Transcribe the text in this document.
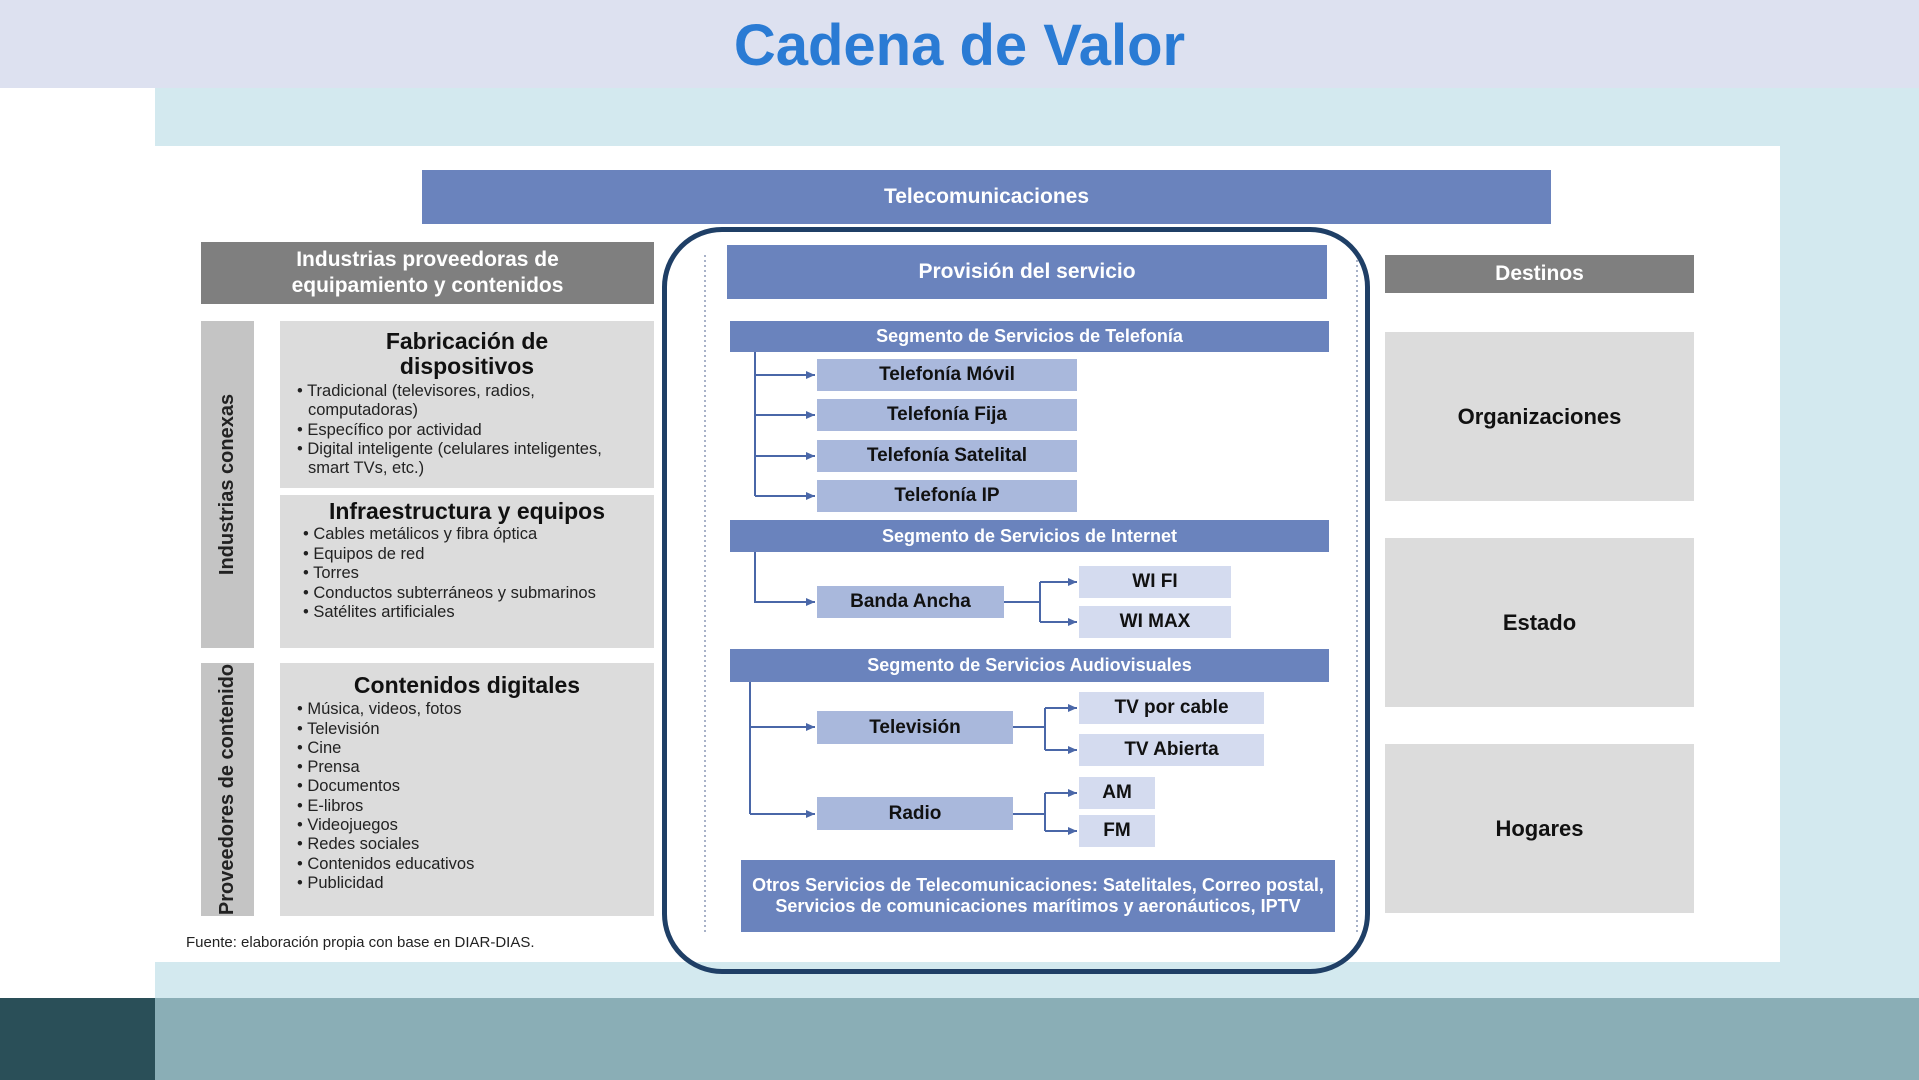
Cadena de Valor
Telecomunicaciones
Industrias proveedoras de equipamiento y contenidos
Industrias conexas
Proveedores de contenido
Fabricación de dispositivos
• Tradicional (televisores, radios, computadoras)
• Específico por actividad
• Digital inteligente (celulares inteligentes, smart TVs, etc.)
Infraestructura y equipos
• Cables metálicos y fibra óptica
• Equipos de red
• Torres
• Conductos subterráneos y submarinos
• Satélites artificiales
Contenidos digitales
• Música, videos, fotos
• Televisión
• Cine
• Prensa
• Documentos
• E-libros
• Videojuegos
• Redes sociales
• Contenidos educativos
• Publicidad
Fuente: elaboración propia con base en DIAR-DIAS.
Provisión del servicio
Segmento de Servicios de Telefonía
Telefonía Móvil
Telefonía Fija
Telefonía Satelital
Telefonía IP
Segmento de Servicios de Internet
Banda Ancha
WI FI
WI MAX
Segmento de Servicios Audiovisuales
Televisión
TV por cable
TV Abierta
Radio
AM
FM
Otros Servicios de Telecomunicaciones: Satelitales, Correo postal, Servicios de comunicaciones marítimos y aeronáuticos, IPTV
Destinos
Organizaciones
Estado
Hogares
